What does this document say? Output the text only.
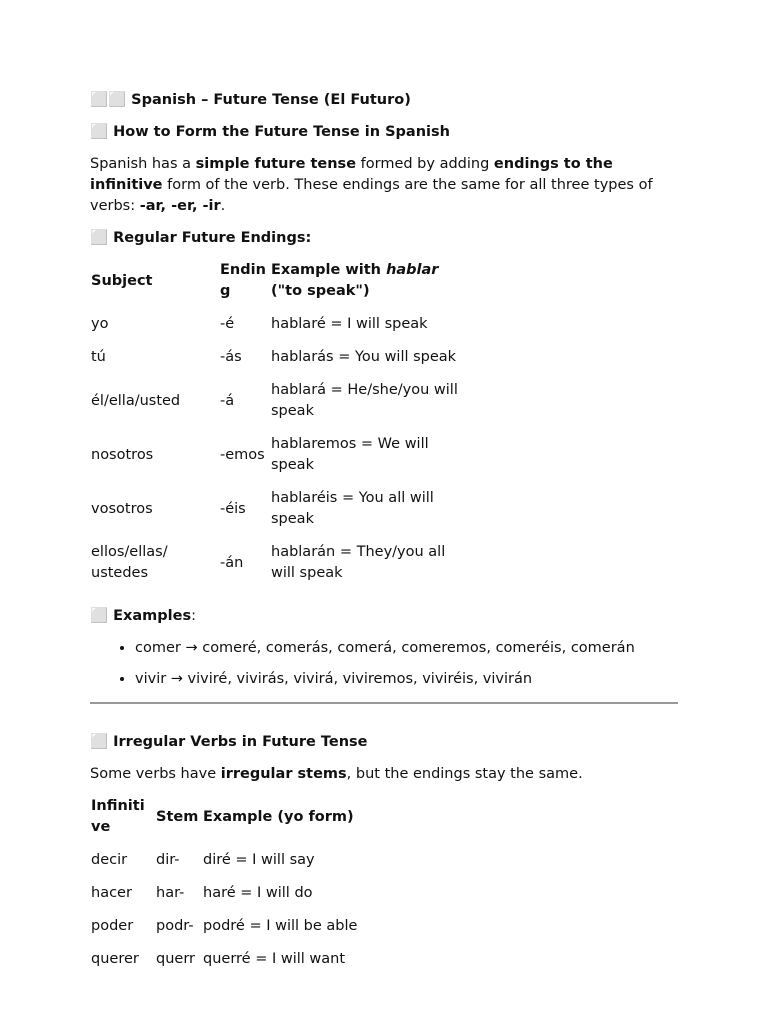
⬜⬜ Spanish – Future Tense (El Futuro)
⬜ How to Form the Future Tense in Spanish

Spanish has a simple future tense formed by adding endings to the infinitive form of the verb. These endings are the same for all three types of verbs: -ar, -er, -ir.

⬜ Regular Future Endings:
Subject	Ending	Example with hablar ("to speak")
yo	-é	hablaré = I will speak
tú	-ás	hablarás = You will speak
él/ella/usted	-á	hablará = He/she/you will speak
nosotros	-emos	hablaremos = We will speak
vosotros	-éis	hablaréis = You all will speak
ellos/ellas/ ustedes	-án	hablarán = They/you all will speak
⬜ Examples:
• comer → comeré, comerás, comerá, comeremos, comeréis, comerán
• vivir → viviré, vivirás, vivirá, viviremos, viviréis, vivirán
⬜ Irregular Verbs in Future Tense

Some verbs have irregular stems, but the endings stay the same.

Infinitive	Stem	Example (yo form)
decir	dir-	diré = I will say
hacer	har-	haré = I will do
poder	podr-	podré = I will be able
querer	querr	querré = I will want
